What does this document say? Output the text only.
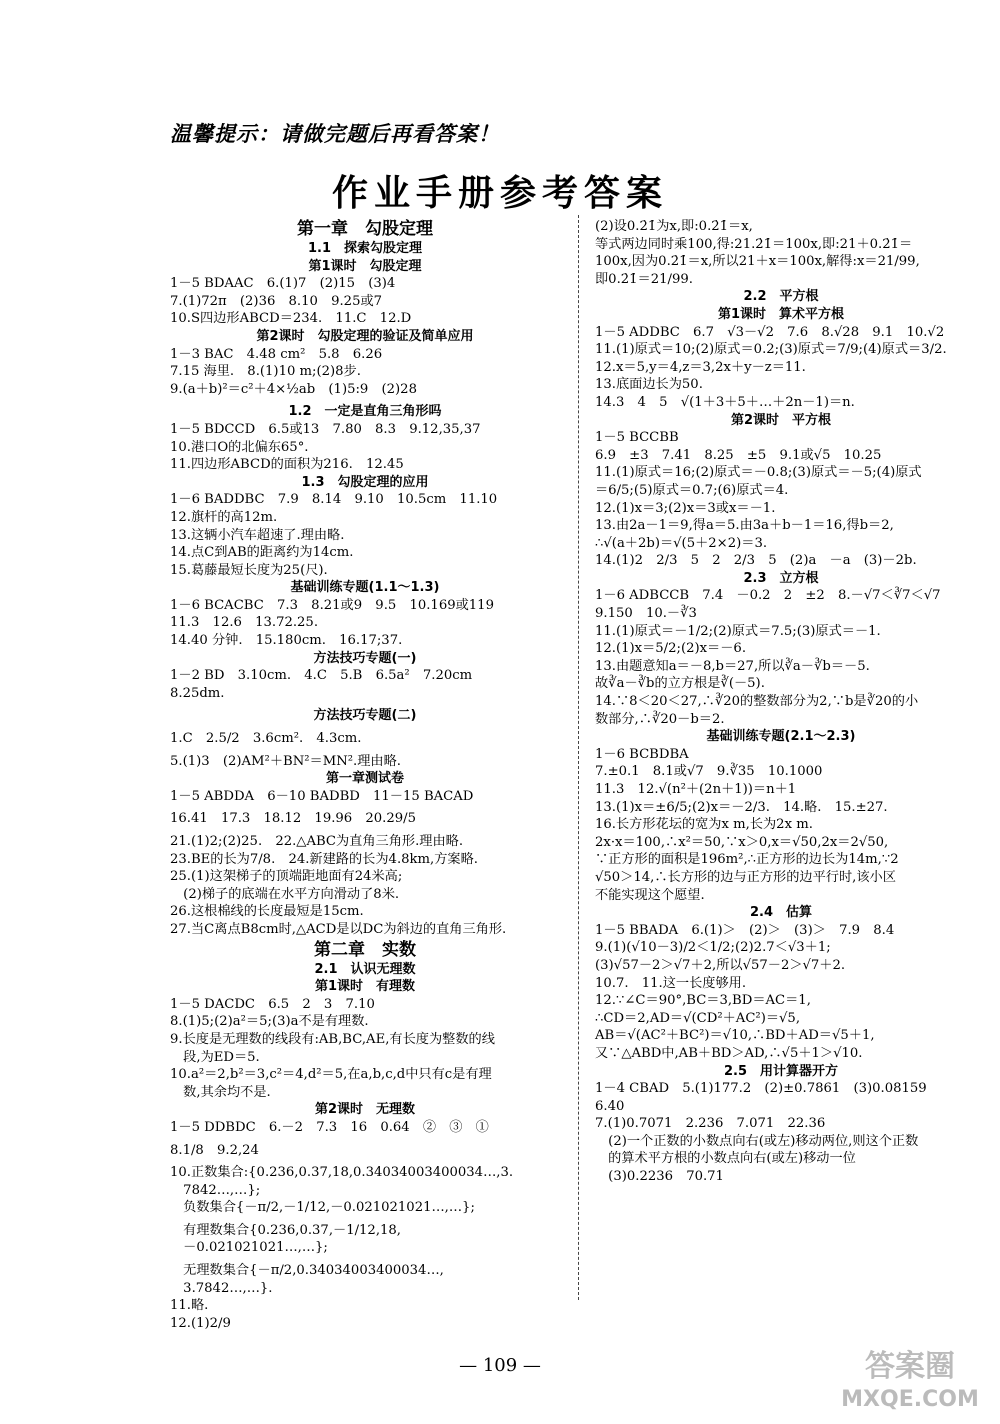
温馨提示：请做完题后再看答案！
作业手册参考答案
第一章　勾股定理
1.1　探索勾股定理
第1课时　勾股定理
1－5 BDAAC　6.(1)7　(2)15　(3)4
7.(1)72π　(2)36　8.10　9.25或7
10.S四边形ABCD＝234.　11.C　12.D
第2课时　勾股定理的验证及简单应用
1－3 BAC　4.48 cm²　5.8　6.26
7.15 海里.　8.(1)10 m;(2)8步.
9.(a＋b)²＝c²＋4×½ab　(1)5:9　(2)28
1.2　一定是直角三角形吗
1－5 BDCCD　6.5或13　7.80　8.3　9.12,35,37
10.港口O的北偏东65°.
11.四边形ABCD的面积为216.　12.45
1.3　勾股定理的应用
1－6 BADDBC　7.9　8.14　9.10　10.5cm　11.10
12.旗杆的高12m.
13.这辆小汽车超速了.理由略.
14.点C到AB的距离约为14cm.
15.葛藤最短长度为25(尺).
基础训练专题(1.1～1.3)
1－6 BCACBC　7.3　8.21或9　9.5　10.169或119
11.3　12.6　13.72.25.
14.40 分钟.　15.180cm.　16.17;37.
方法技巧专题(一)
1－2 BD　3.10cm.　4.C　5.B　6.5a²　7.20cm
8.25dm.
方法技巧专题(二)
1.C　2.5/2　3.6cm².　4.3cm.
5.(1)3　(2)AM²＋BN²＝MN².理由略.
第一章测试卷
1－5 ABDDA　6－10 BADBD　11－15 BACAD
16.41　17.3　18.12　19.96　20.29/5
21.(1)2;(2)25.　22.△ABC为直角三角形.理由略.
23.BE的长为7/8.　24.新建路的长为4.8km,方案略.
25.(1)这架梯子的顶端距地面有24米高;
　(2)梯子的底端在水平方向滑动了8米.
26.这根棉线的长度最短是15cm.
27.当C离点B8cm时,△ACD是以DC为斜边的直角三角形.
第二章　实数
2.1　认识无理数
第1课时　有理数
1－5 DACDC　6.5　2　3　7.10
8.(1)5;(2)a²＝5;(3)a不是有理数.
9.长度是无理数的线段有:AB,BC,AE,有长度为整数的线
　段,为ED＝5.
10.a²＝2,b²＝3,c²＝4,d²＝5,在a,b,c,d中只有c是有理
　数,其余均不是.
第2课时　无理数
1－5 DDBDC　6.－2　7.3　16　0.64　②　③　①
8.1/8　9.2,24
10.正数集合:{0.236,0.37,18,0.34034003400034…,3.
　7842…,…};
　负数集合{－π/2,－1/12,－0.021021021…,…};
　有理数集合{0.236,0.37,－1/12,18,
　－0.021021021…,…};
　无理数集合{－π/2,0.34034003400034…,
　3.7842…,…}.
11.略.
12.(1)2/9
(2)设0.2̇1̇为x,即:0.2̇1̇＝x,
等式两边同时乘100,得:21.2̇1̇＝100x,即:21＋0.2̇1̇＝
100x,因为0.2̇1̇＝x,所以21＋x＝100x,解得:x＝21/99,
即0.2̇1̇＝21/99.
2.2　平方根
第1课时　算术平方根
1－5 ADDBC　6.7　√3－√2　7.6　8.√28　9.1　10.√2
11.(1)原式＝10;(2)原式＝0.2;(3)原式＝7/9;(4)原式＝3/2.
12.x＝5,y＝4,z＝3,2x＋y－z＝11.
13.底面边长为50.
14.3　4　5　√(1＋3＋5＋…＋2n－1)＝n.
第2课时　平方根
1－5 BCCBB
6.9　±3　7.41　8.25　±5　9.1或√5　10.25
11.(1)原式＝16;(2)原式＝－0.8;(3)原式＝－5;(4)原式
＝6/5;(5)原式＝0.7;(6)原式＝4.
12.(1)x＝3;(2)x＝3或x＝－1.
13.由2a－1＝9,得a＝5.由3a＋b－1＝16,得b＝2,
∴√(a＋2b)＝√(5＋2×2)＝3.
14.(1)2　2/3　5　2　2/3　5　(2)a　－a　(3)－2b.
2.3　立方根
1－6 ADBCCB　7.4　－0.2　2　±2　8.－√7＜∛7＜√7
9.150　10.－∛3
11.(1)原式＝－1/2;(2)原式＝7.5;(3)原式＝－1.
12.(1)x＝5/2;(2)x＝－6.
13.由题意知a＝－8,b＝27,所以∛a－∛b＝－5.
故∛a－∛b的立方根是∛(－5).
14.∵8＜20＜27,∴∛20的整数部分为2,∵b是∛20的小
数部分,∴∛20－b＝2.
基础训练专题(2.1～2.3)
1－6 BCBDBA
7.±0.1　8.1或√7　9.∛35　10.1000
11.3　12.√(n²＋(2n＋1))＝n＋1
13.(1)x＝±6/5;(2)x＝－2/3.　14.略.　15.±27.
16.长方形花坛的宽为x m,长为2x m.
2x·x＝100,∴x²＝50,∵x＞0,x＝√50,2x＝2√50,
∵正方形的面积是196m²,∴正方形的边长为14m,∵2
√50＞14,∴长方形的边与正方形的边平行时,该小区
不能实现这个愿望.
2.4　估算
1－5 BBADA　6.(1)＞　(2)＞　(3)＞　7.9　8.4
9.(1)(√10－3)/2＜1/2;(2)2.7＜√3＋1;
(3)√57－2＞√7＋2,所以√57－2＞√7＋2.
10.7.　11.这一长度够用.
12.∵∠C＝90°,BC＝3,BD＝AC＝1,
∴CD＝2,AD＝√(CD²＋AC²)＝√5,
AB＝√(AC²＋BC²)＝√10,∴BD＋AD＝√5＋1,
又∵△ABD中,AB＋BD＞AD,∴√5＋1＞√10.
2.5　用计算器开方
1－4 CBAD　5.(1)177.2　(2)±0.7861　(3)0.08159
6.40
7.(1)0.7071　2.236　7.071　22.36
　(2)一个正数的小数点向右(或左)移动两位,则这个正数
　的算术平方根的小数点向右(或左)移动一位
　(3)0.2236　70.71
— 109 —	答案圈
MXQE.COM
